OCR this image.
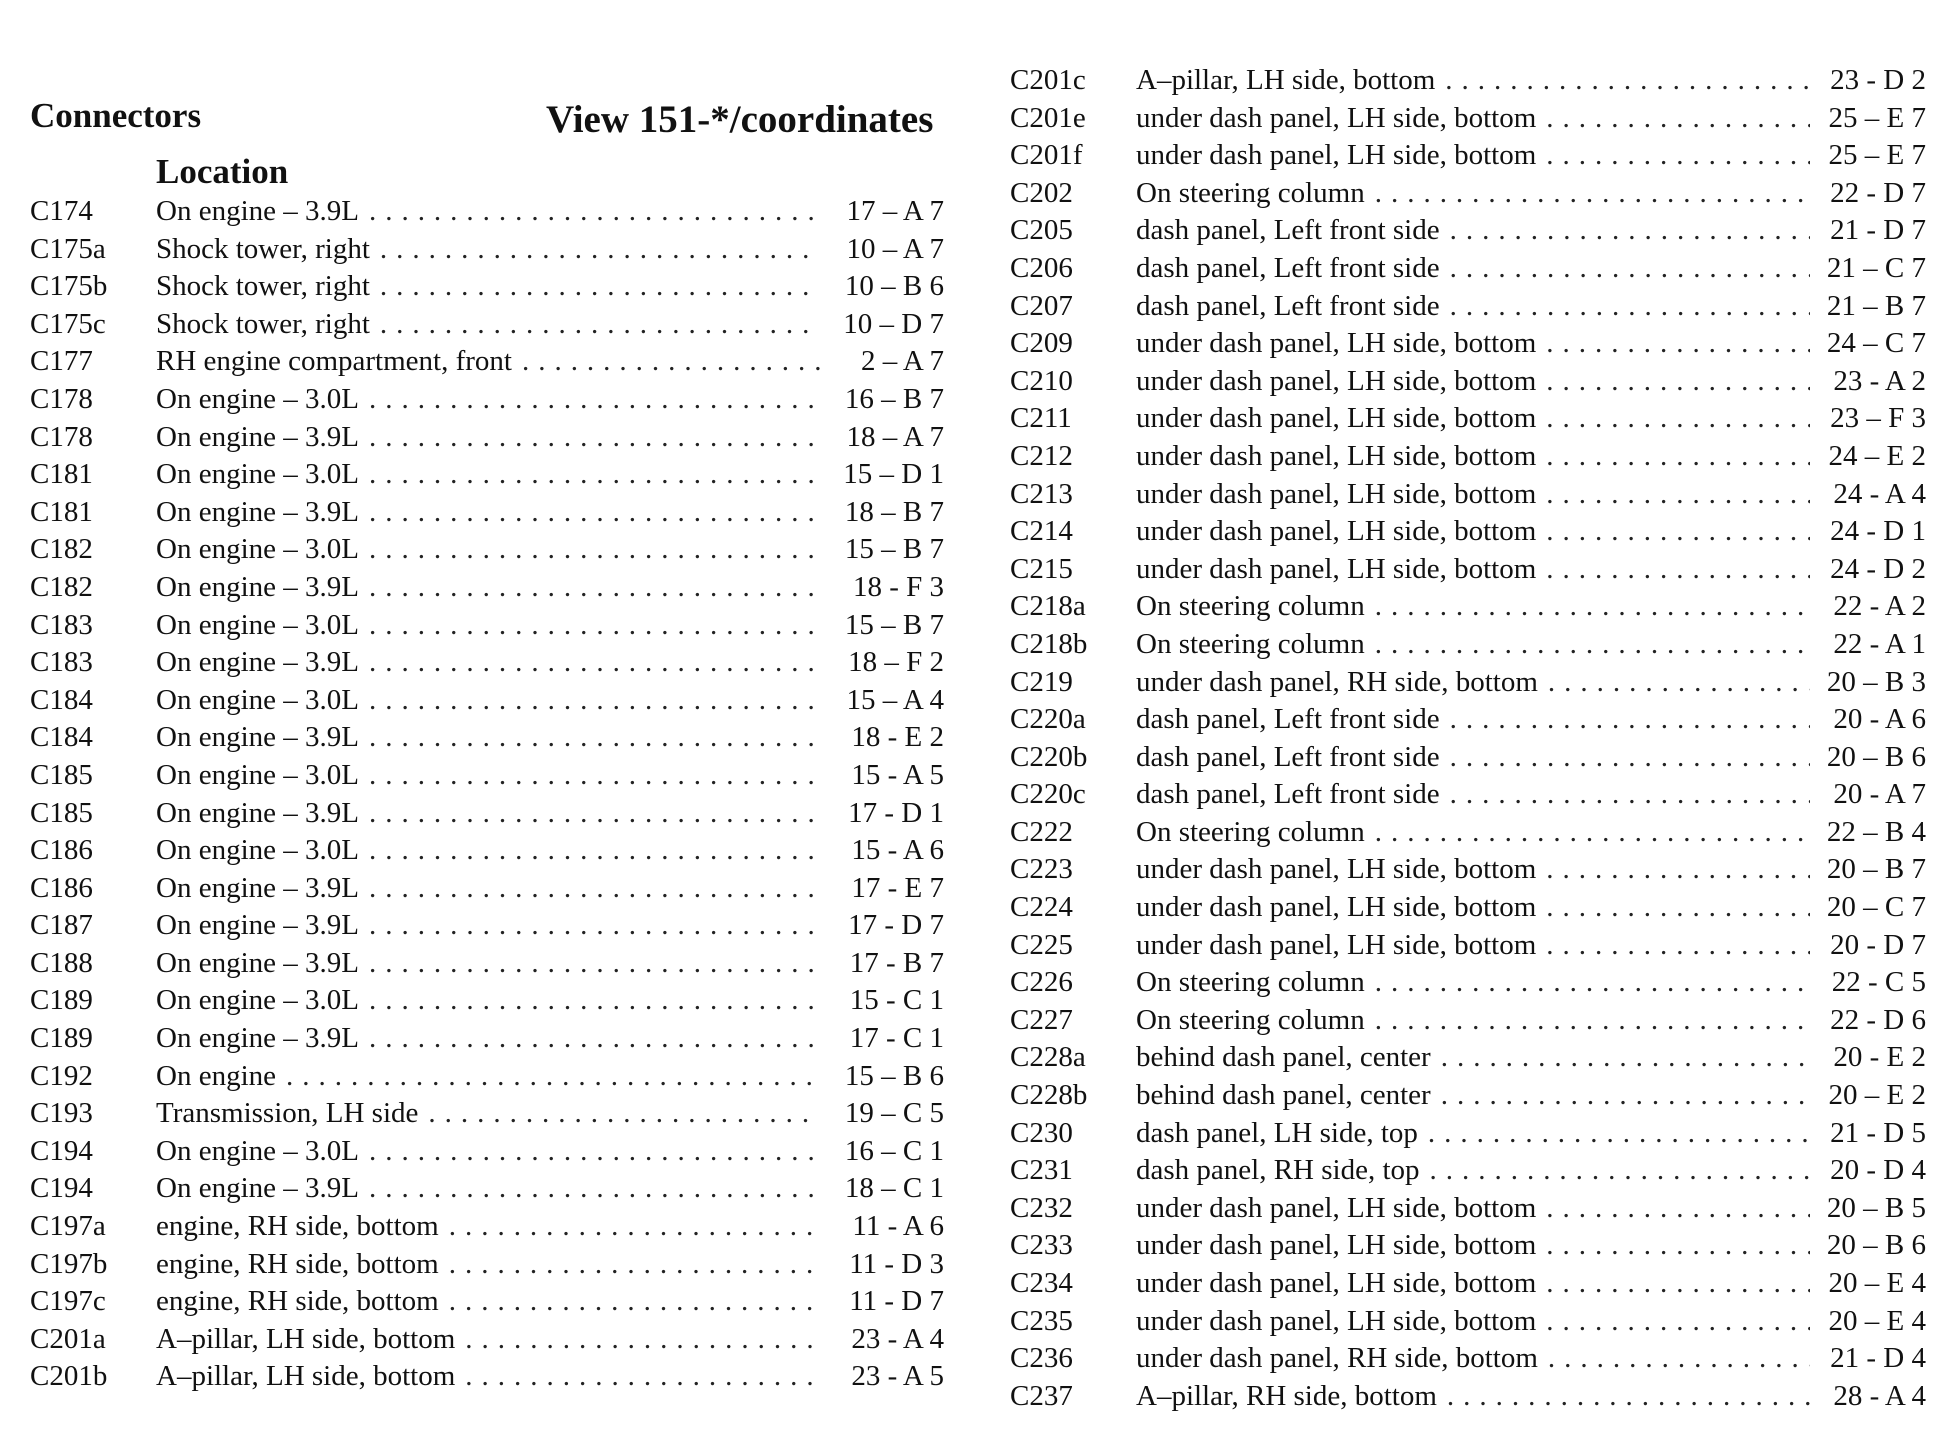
Connectors	View 151-*/coordinates
Location
C174	On engine – 3.9L . . .	17 – A 7
C175a	Shock tower, right . . .	10 – A 7
C175b	Shock tower, right . . .	10 – B 6
C175c	Shock tower, right . . .	10 – D 7
C177	RH engine compartment, front . . .	2 – A 7
C178	On engine – 3.0L . . .	16 – B 7
C178	On engine – 3.9L . . .	18 – A 7
C181	On engine – 3.0L . . .	15 – D 1
C181	On engine – 3.9L . . .	18 – B 7
C182	On engine – 3.0L . . .	15 – B 7
C182	On engine – 3.9L . . .	18 - F 3
C183	On engine – 3.0L . . .	15 – B 7
C183	On engine – 3.9L . . .	18 – F 2
C184	On engine – 3.0L . . .	15 – A 4
C184	On engine – 3.9L . . .	18 - E 2
C185	On engine – 3.0L . . .	15 - A 5
C185	On engine – 3.9L . . .	17 - D 1
C186	On engine – 3.0L . . .	15 - A 6
C186	On engine – 3.9L . . .	17 - E 7
C187	On engine – 3.9L . . .	17 - D 7
C188	On engine – 3.9L . . .	17 - B 7
C189	On engine – 3.0L . . .	15 - C 1
C189	On engine – 3.9L . . .	17 - C 1
C192	On engine . . .	15 – B 6
C193	Transmission, LH side . . .	19 – C 5
C194	On engine – 3.0L . . .	16 – C 1
C194	On engine – 3.9L . . .	18 – C 1
C197a	engine, RH side, bottom . . .	11 - A 6
C197b	engine, RH side, bottom . . .	11 - D 3
C197c	engine, RH side, bottom . . .	11 - D 7
C201a	A–pillar, LH side, bottom . . .	23 - A 4
C201b	A–pillar, LH side, bottom . . .	23 - A 5
C201c	A–pillar, LH side, bottom . . .	23 - D 2
C201e	under dash panel, LH side, bottom . . .	25 – E 7
C201f	under dash panel, LH side, bottom . . .	25 – E 7
C202	On steering column . . .	22 - D 7
C205	dash panel, Left front side . . .	21 - D 7
C206	dash panel, Left front side . . .	21 – C 7
C207	dash panel, Left front side . . .	21 – B 7
C209	under dash panel, LH side, bottom . . .	24 – C 7
C210	under dash panel, LH side, bottom . . .	23 - A 2
C211	under dash panel, LH side, bottom . . .	23 – F 3
C212	under dash panel, LH side, bottom . . .	24 – E 2
C213	under dash panel, LH side, bottom . . .	24 - A 4
C214	under dash panel, LH side, bottom . . .	24 - D 1
C215	under dash panel, LH side, bottom . . .	24 - D 2
C218a	On steering column . . .	22 - A 2
C218b	On steering column . . .	22 - A 1
C219	under dash panel, RH side, bottom . . .	20 – B 3
C220a	dash panel, Left front side . . .	20 - A 6
C220b	dash panel, Left front side . . .	20 – B 6
C220c	dash panel, Left front side . . .	20 - A 7
C222	On steering column . . .	22 – B 4
C223	under dash panel, LH side, bottom . . .	20 – B 7
C224	under dash panel, LH side, bottom . . .	20 – C 7
C225	under dash panel, LH side, bottom . . .	20 - D 7
C226	On steering column . . .	22 - C 5
C227	On steering column . . .	22 - D 6
C228a	behind dash panel, center . . .	20 - E 2
C228b	behind dash panel, center . . .	20 – E 2
C230	dash panel, LH side, top . . .	21 - D 5
C231	dash panel, RH side, top . . .	20 - D 4
C232	under dash panel, LH side, bottom . . .	20 – B 5
C233	under dash panel, LH side, bottom . . .	20 – B 6
C234	under dash panel, LH side, bottom . . .	20 – E 4
C235	under dash panel, LH side, bottom . . .	20 – E 4
C236	under dash panel, RH side, bottom . . .	21 - D 4
C237	A–pillar, RH side, bottom . . .	28 - A 4
